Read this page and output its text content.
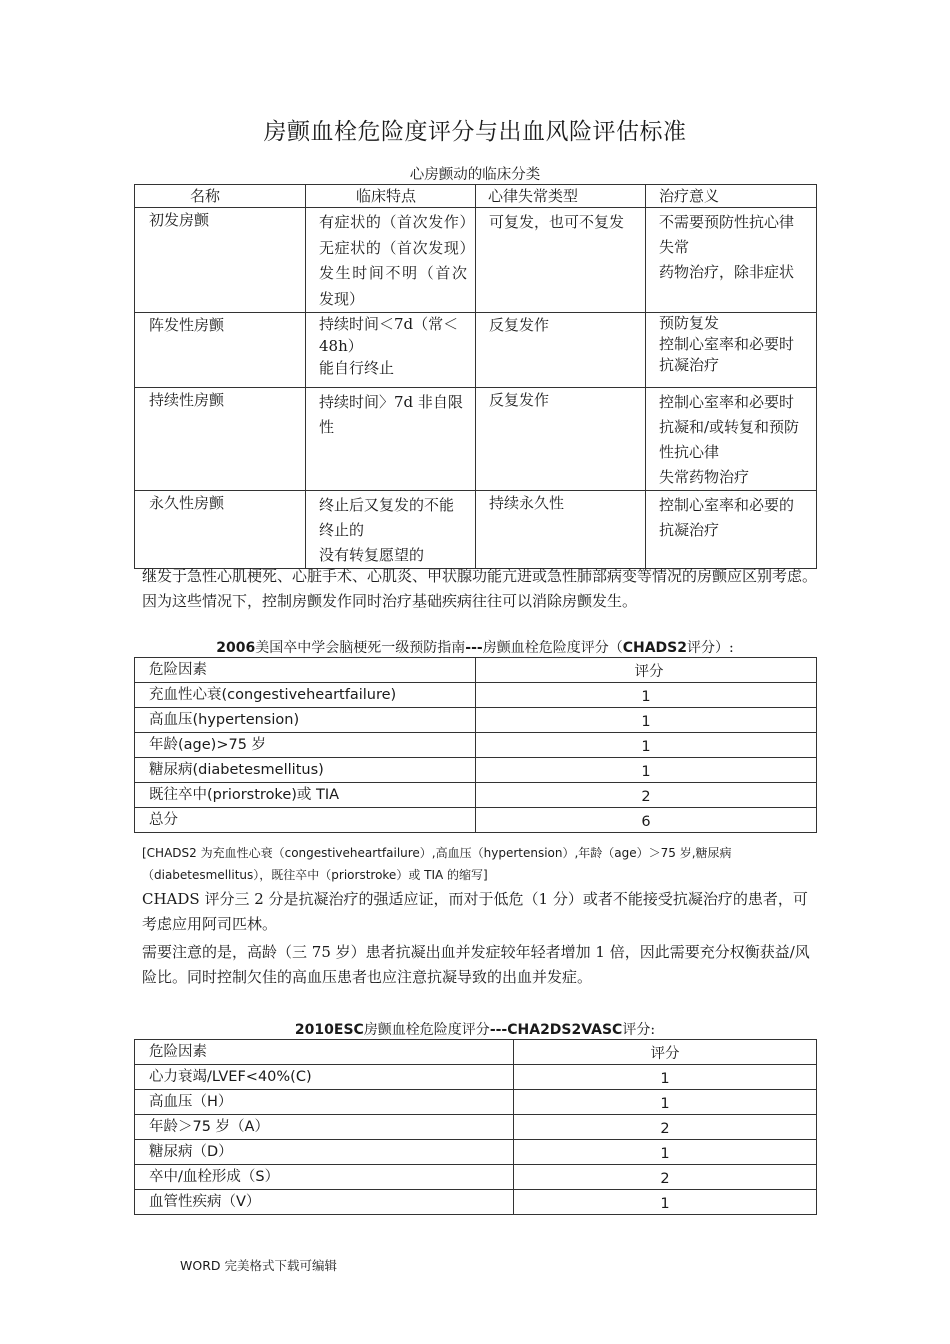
房颤血栓危险度评分与出血风险评估标准
心房颤动的临床分类
名称	临床特点	心律失常类型	治疗意义
初发房颤	有症状的（首次发作）无症状的（首次发现）发生时间不明（首次发现）	可复发，也可不复发	不需要预防性抗心律失常
药物治疗，除非症状
阵发性房颤	持续时间＜7d（常＜
48h）
能自行终止	反复发作	预防复发
控制心室率和必要时
抗凝治疗

持续性房颤	持续时间〉7d 非自限性	反复发作	控制心室率和必要时抗凝和/或转复和预防性抗心律
失常药物治疗
永久性房颤	终止后又复发的不能终止的
没有转复愿望的	持续永久性	控制心室率和必要的抗凝治疗
继发于急性心肌梗死、心脏手术、心肌炎、甲状腺功能亢进或急性肺部病变等情况的房颤应区别考虑。因为这些情况下，控制房颤发作同时治疗基础疾病往往可以消除房颤发生。
2006美国卒中学会脑梗死一级预防指南---房颤血栓危险度评分（CHADS2评分）:
危险因素	评分
充血性心衰(congestiveheartfailure)	1
高血压(hypertension)	1
年龄(age)>75 岁	1
糖尿病(diabetesmellitus)	1
既往卒中(priorstroke)或 TIA	2
总分	6
[CHADS2 为充血性心衰（congestiveheartfailure）,高血压（hypertension）,年龄（age）＞75 岁,糖尿病（diabetesmellitus），既往卒中（priorstroke）或 TIA 的缩写]
CHADS 评分三 2 分是抗凝治疗的强适应证，而对于低危（1 分）或者不能接受抗凝治疗的患者，可考虑应用阿司匹林。
需要注意的是，高龄（三 75 岁）患者抗凝出血并发症较年轻者增加 1 倍，因此需要充分权衡获益/风险比。同时控制欠佳的高血压患者也应注意抗凝导致的出血并发症。
2010ESC房颤血栓危险度评分---CHA2DS2VASC评分:
危险因素	评分
心力衰竭/LVEF<40%(C)	1
高血压（H）	1
年龄＞75 岁（A）	2
糖尿病（D）	1
卒中/血栓形成（S）	2
血管性疾病（V）	1
WORD 完美格式下载可编辑
